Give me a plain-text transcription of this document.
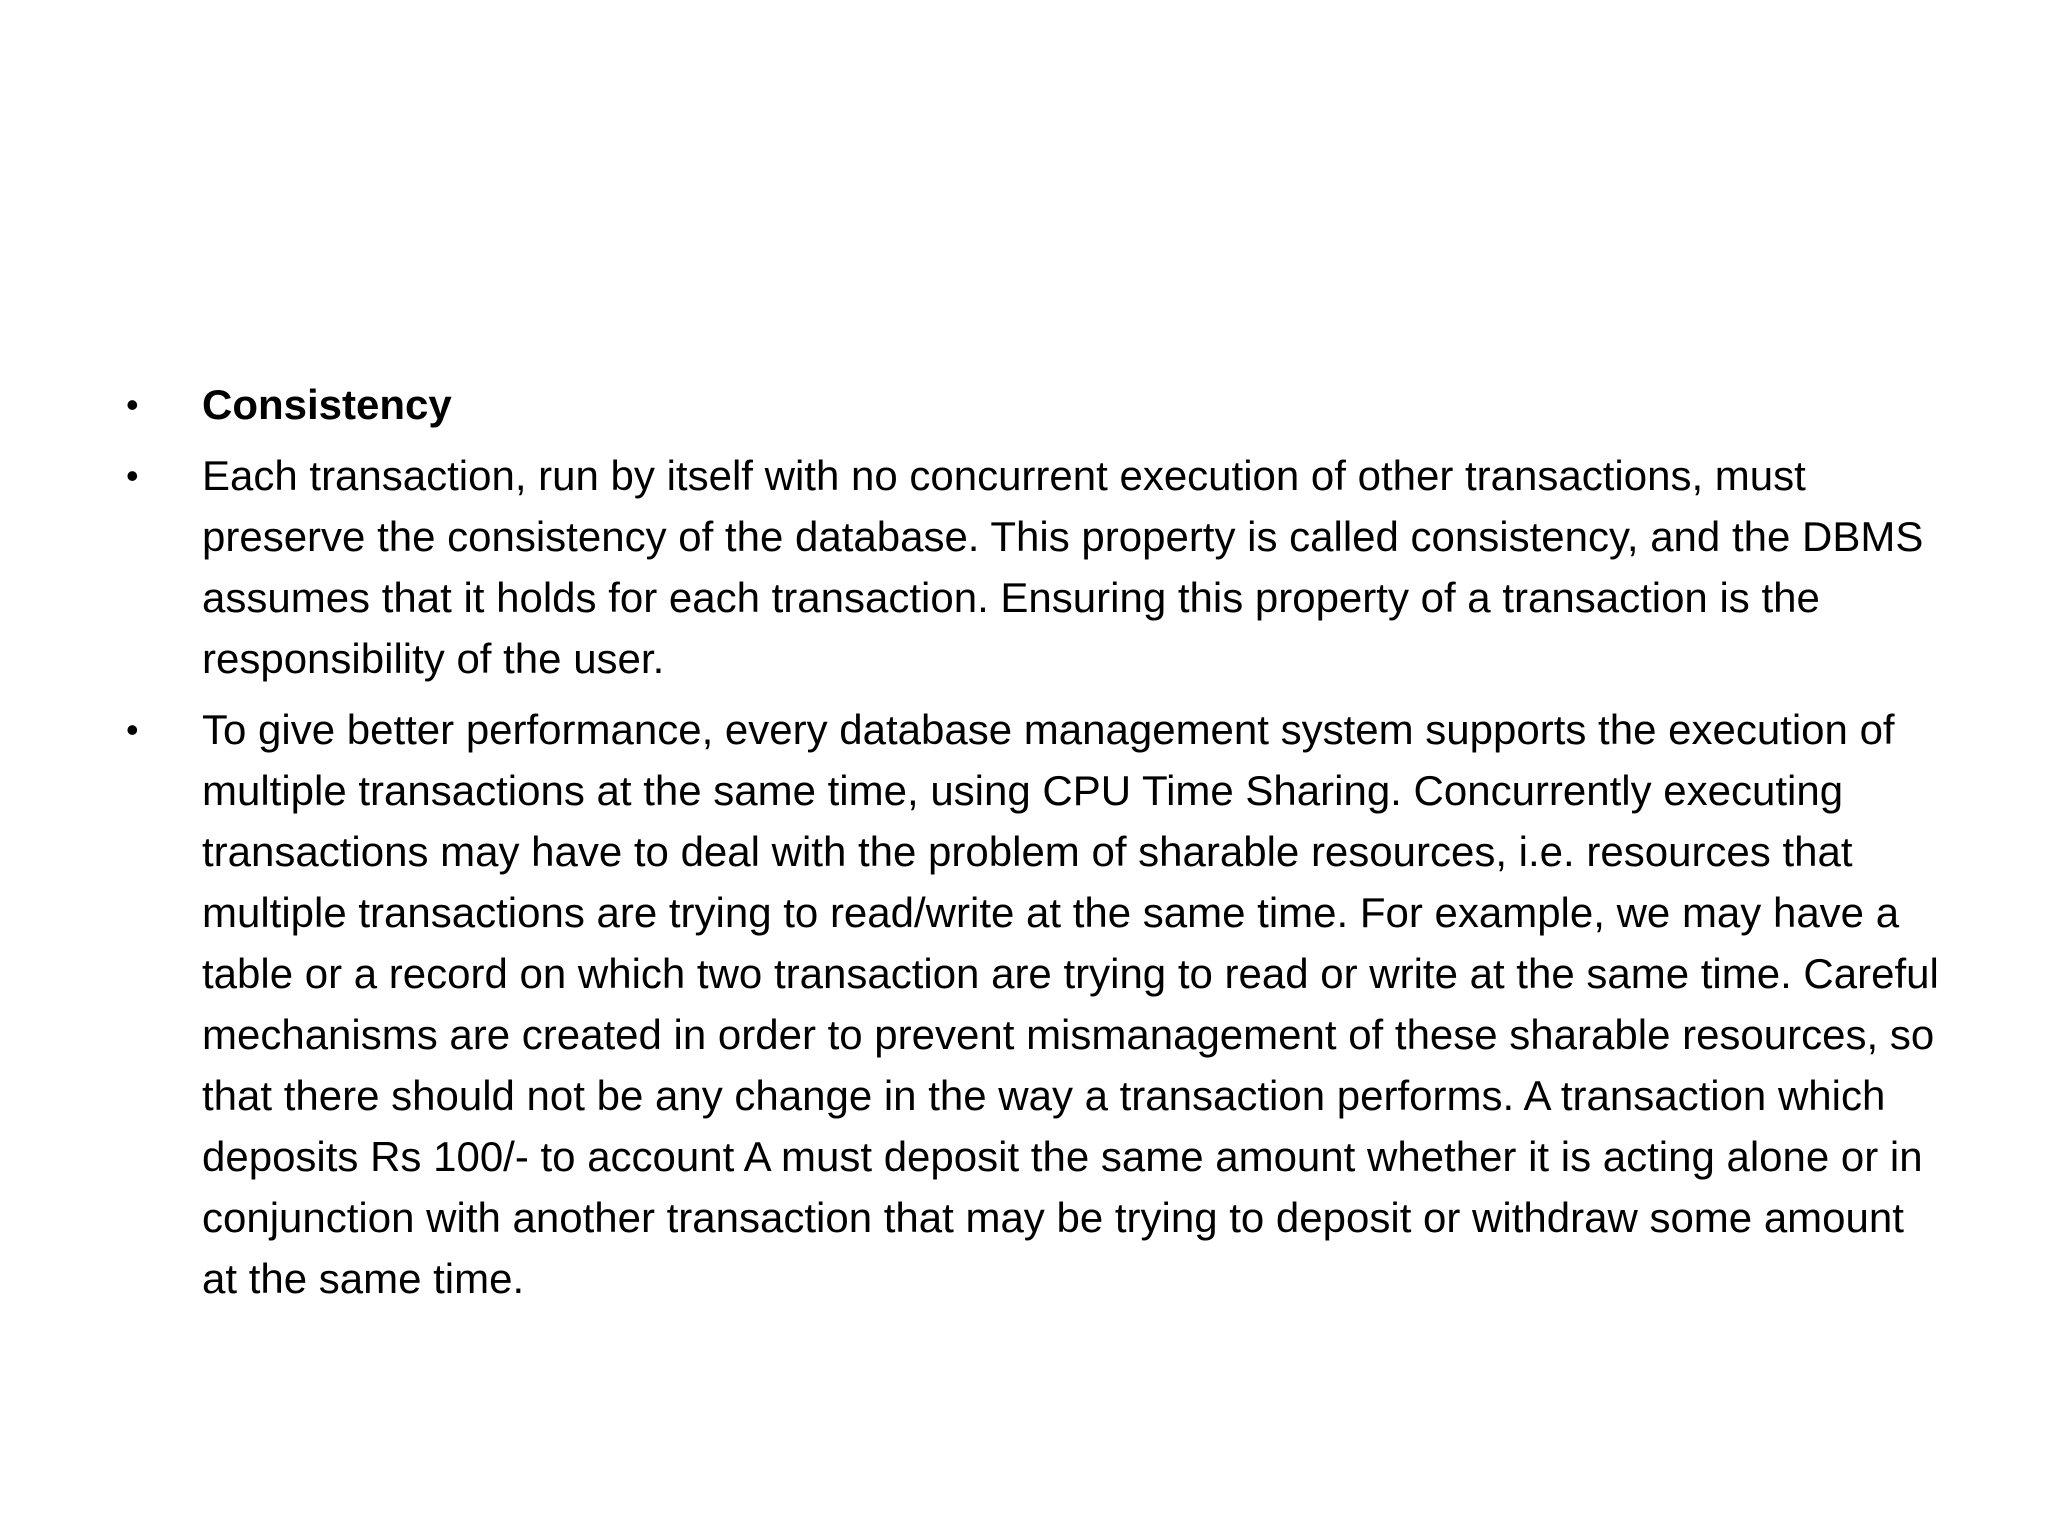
• Consistency
• Each transaction, run by itself with no concurrent execution of other transactions, must preserve the consistency of the database. This property is called consistency, and the DBMS assumes that it holds for each transaction. Ensuring this property of a transaction is the responsibility of the user.
• To give better performance, every database management system supports the execution of multiple transactions at the same time, using CPU Time Sharing. Concurrently executing transactions may have to deal with the problem of sharable resources, i.e. resources that multiple transactions are trying to read/write at the same time. For example, we may have a table or a record on which two transaction are trying to read or write at the same time. Careful mechanisms are created in order to prevent mismanagement of these sharable resources, so that there should not be any change in the way a transaction performs. A transaction which deposits Rs 100/- to account A must deposit the same amount whether it is acting alone or in conjunction with another transaction that may be trying to deposit or withdraw some amount at the same time.
